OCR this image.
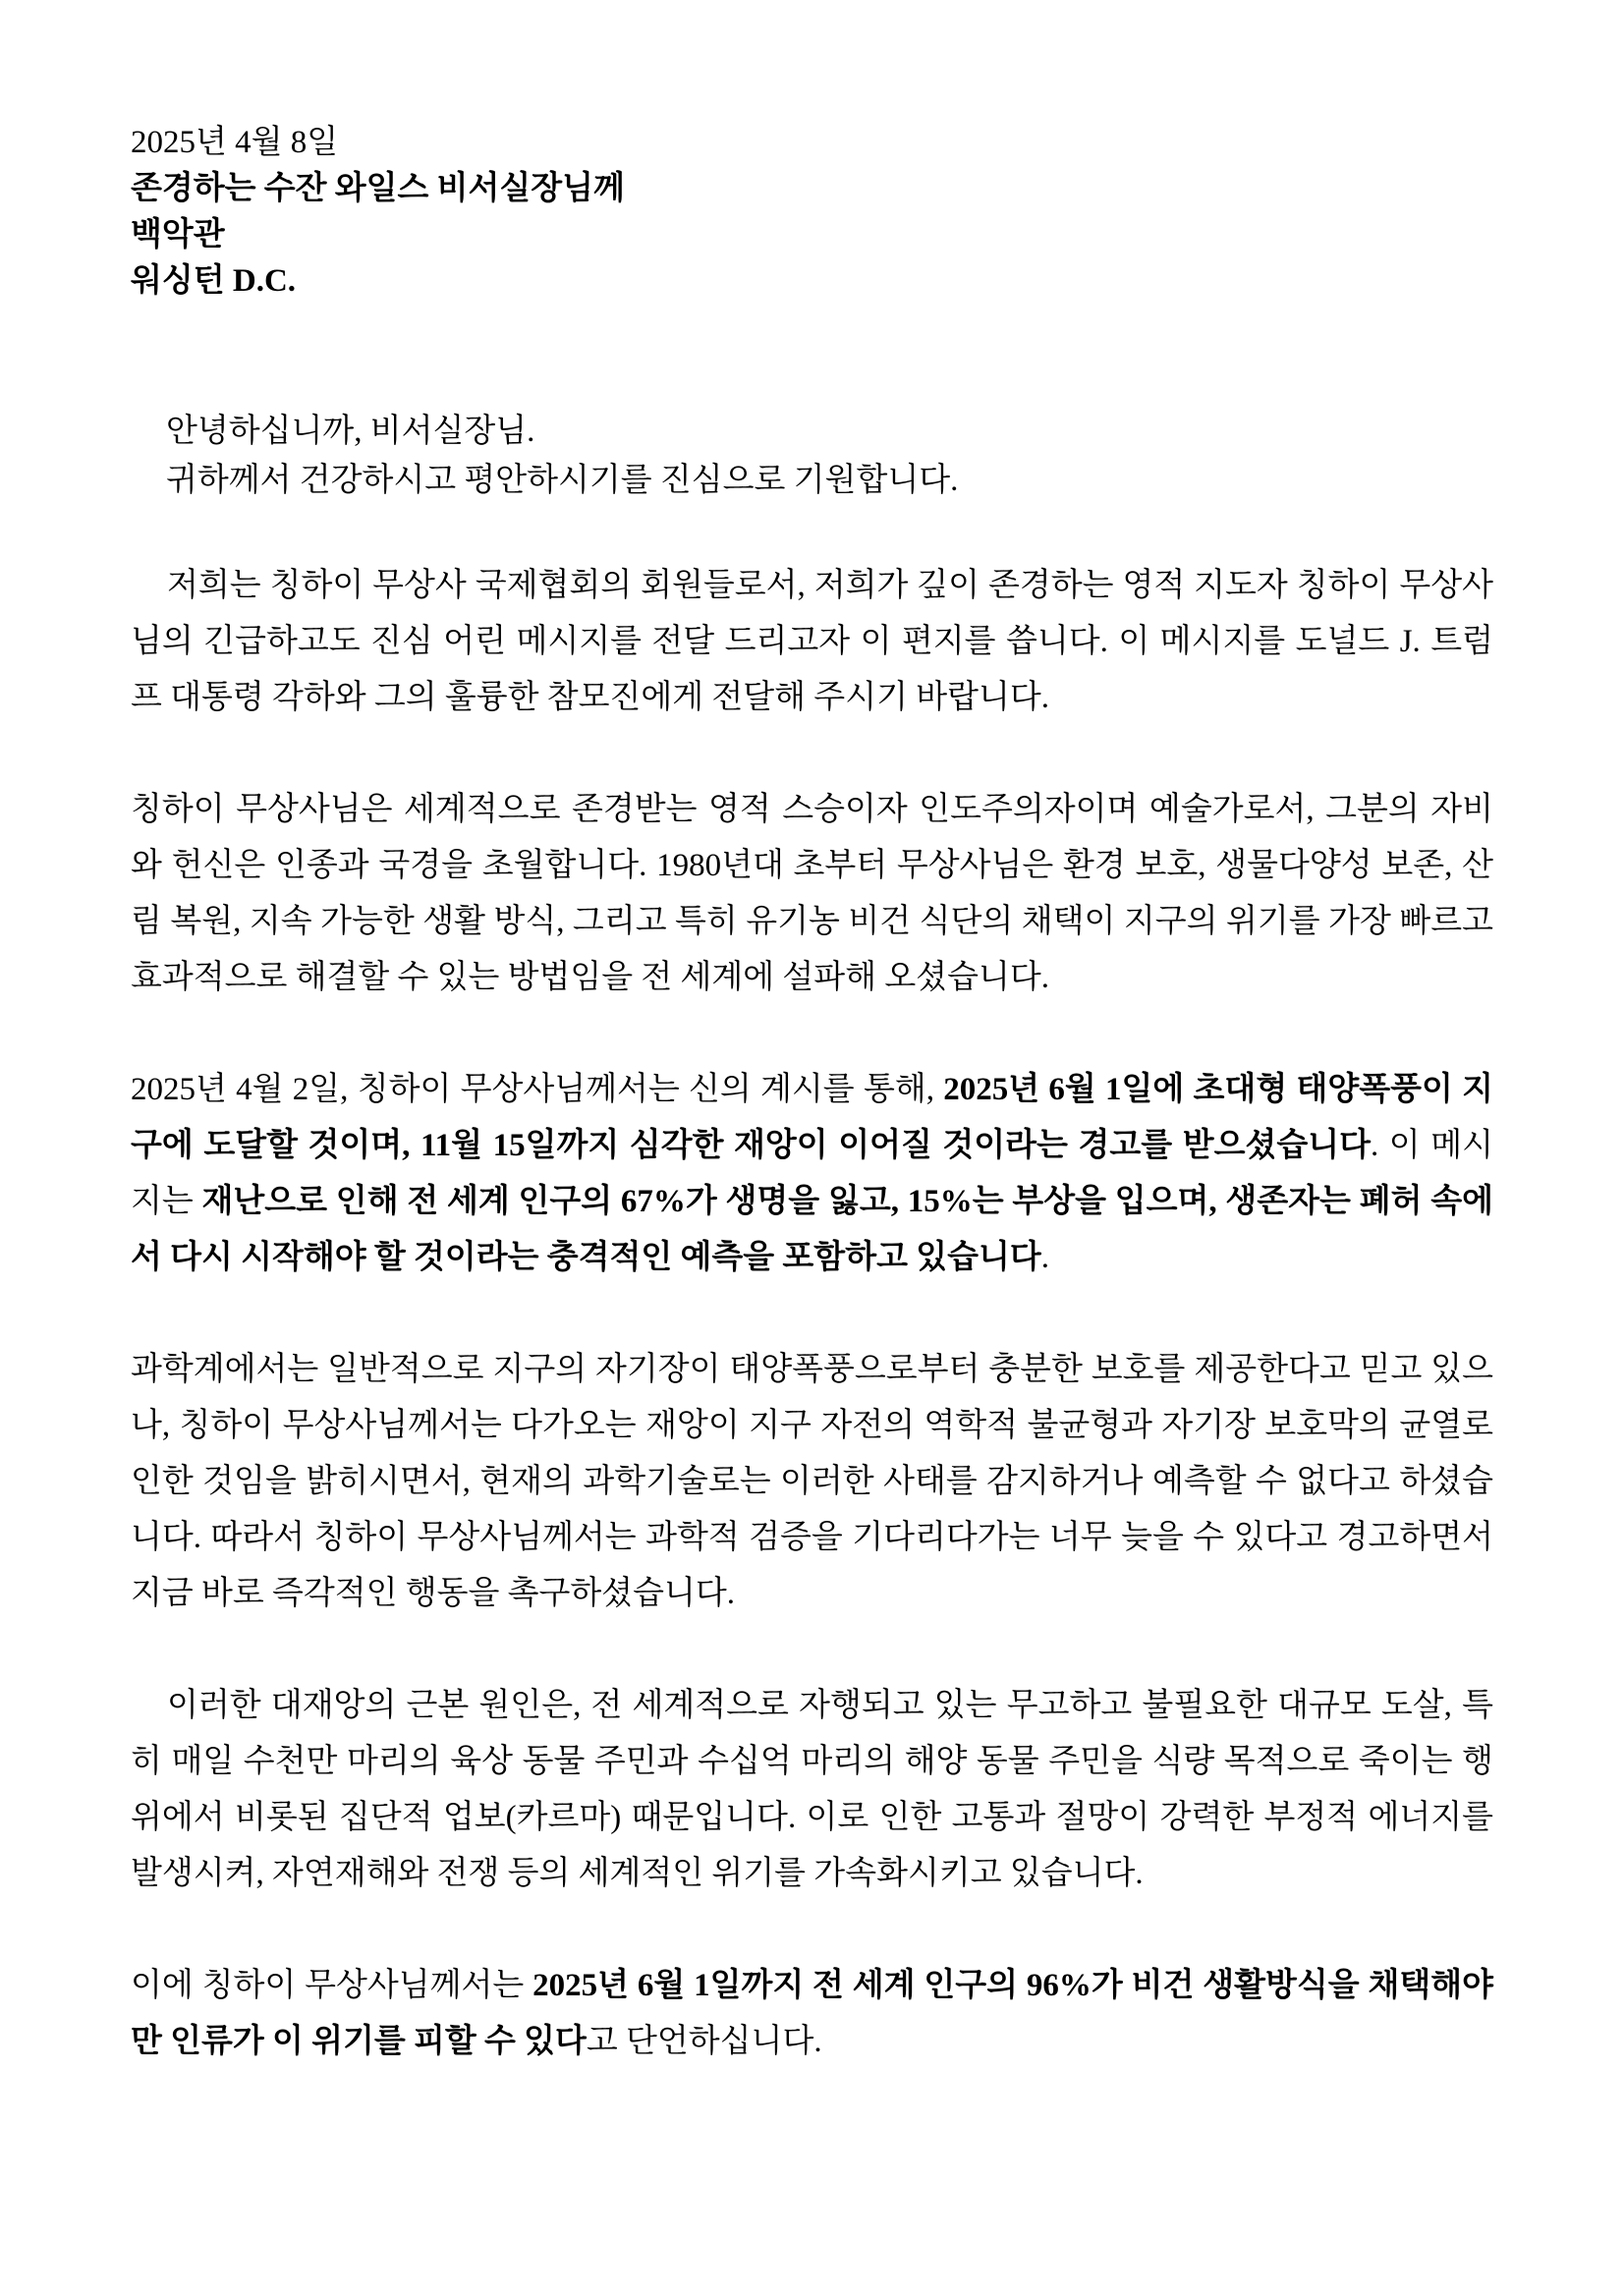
2025년 4월 8일
존경하는 수잔 와일스 비서실장님께
백악관
워싱턴 D.C.
안녕하십니까, 비서실장님.
귀하께서 건강하시고 평안하시기를 진심으로 기원합니다.

저희는 칭하이 무상사 국제협회의 회원들로서, 저희가 깊이 존경하는 영적 지도자 칭하이 무상사님의 긴급하고도 진심 어린 메시지를 전달 드리고자 이 편지를 씁니다. 이 메시지를 도널드 J. 트럼프 대통령 각하와 그의 훌륭한 참모진에게 전달해 주시기 바랍니다.

칭하이 무상사님은 세계적으로 존경받는 영적 스승이자 인도주의자이며 예술가로서, 그분의 자비와 헌신은 인종과 국경을 초월합니다. 1980년대 초부터 무상사님은 환경 보호, 생물다양성 보존, 산림 복원, 지속 가능한 생활 방식, 그리고 특히 유기농 비건 식단의 채택이 지구의 위기를 가장 빠르고 효과적으로 해결할 수 있는 방법임을 전 세계에 설파해 오셨습니다.

2025년 4월 2일, 칭하이 무상사님께서는 신의 계시를 통해, 2025년 6월 1일에 초대형 태양폭풍이 지구에 도달할 것이며, 11월 15일까지 심각한 재앙이 이어질 것이라는 경고를 받으셨습니다. 이 메시지는 재난으로 인해 전 세계 인구의 67%가 생명을 잃고, 15%는 부상을 입으며, 생존자는 폐허 속에서 다시 시작해야 할 것이라는 충격적인 예측을 포함하고 있습니다.

과학계에서는 일반적으로 지구의 자기장이 태양폭풍으로부터 충분한 보호를 제공한다고 믿고 있으나, 칭하이 무상사님께서는 다가오는 재앙이 지구 자전의 역학적 불균형과 자기장 보호막의 균열로 인한 것임을 밝히시면서, 현재의 과학기술로는 이러한 사태를 감지하거나 예측할 수 없다고 하셨습니다. 따라서 칭하이 무상사님께서는 과학적 검증을 기다리다가는 너무 늦을 수 있다고 경고하면서 지금 바로 즉각적인 행동을 촉구하셨습니다.

이러한 대재앙의 근본 원인은, 전 세계적으로 자행되고 있는 무고하고 불필요한 대규모 도살, 특히 매일 수천만 마리의 육상 동물 주민과 수십억 마리의 해양 동물 주민을 식량 목적으로 죽이는 행위에서 비롯된 집단적 업보(카르마) 때문입니다. 이로 인한 고통과 절망이 강력한 부정적 에너지를 발생시켜, 자연재해와 전쟁 등의 세계적인 위기를 가속화시키고 있습니다.

이에 칭하이 무상사님께서는 2025년 6월 1일까지 전 세계 인구의 96%가 비건 생활방식을 채택해야만 인류가 이 위기를 피할 수 있다고 단언하십니다.
